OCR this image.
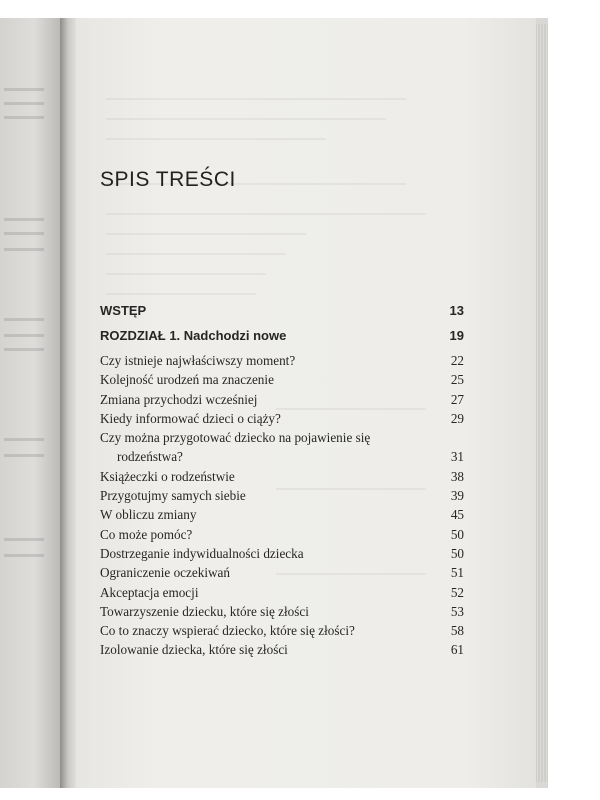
SPIS TREŚCI
WSTĘP	13
ROZDZIAŁ 1. Nadchodzi nowe	19
Czy istnieje najwłaściwszy moment?	22
Kolejność urodzeń ma znaczenie	25
Zmiana przychodzi wcześniej	27
Kiedy informować dzieci o ciąży?	29
Czy można przygotować dziecko na pojawienie się
rodzeństwa?	31
Książeczki o rodzeństwie	38
Przygotujmy samych siebie	39
W obliczu zmiany	45
Co może pomóc?	50
Dostrzeganie indywidualności dziecka	50
Ograniczenie oczekiwań	51
Akceptacja emocji	52
Towarzyszenie dziecku, które się złości	53
Co to znaczy wspierać dziecko, które się złości?	58
Izolowanie dziecka, które się złości	61
